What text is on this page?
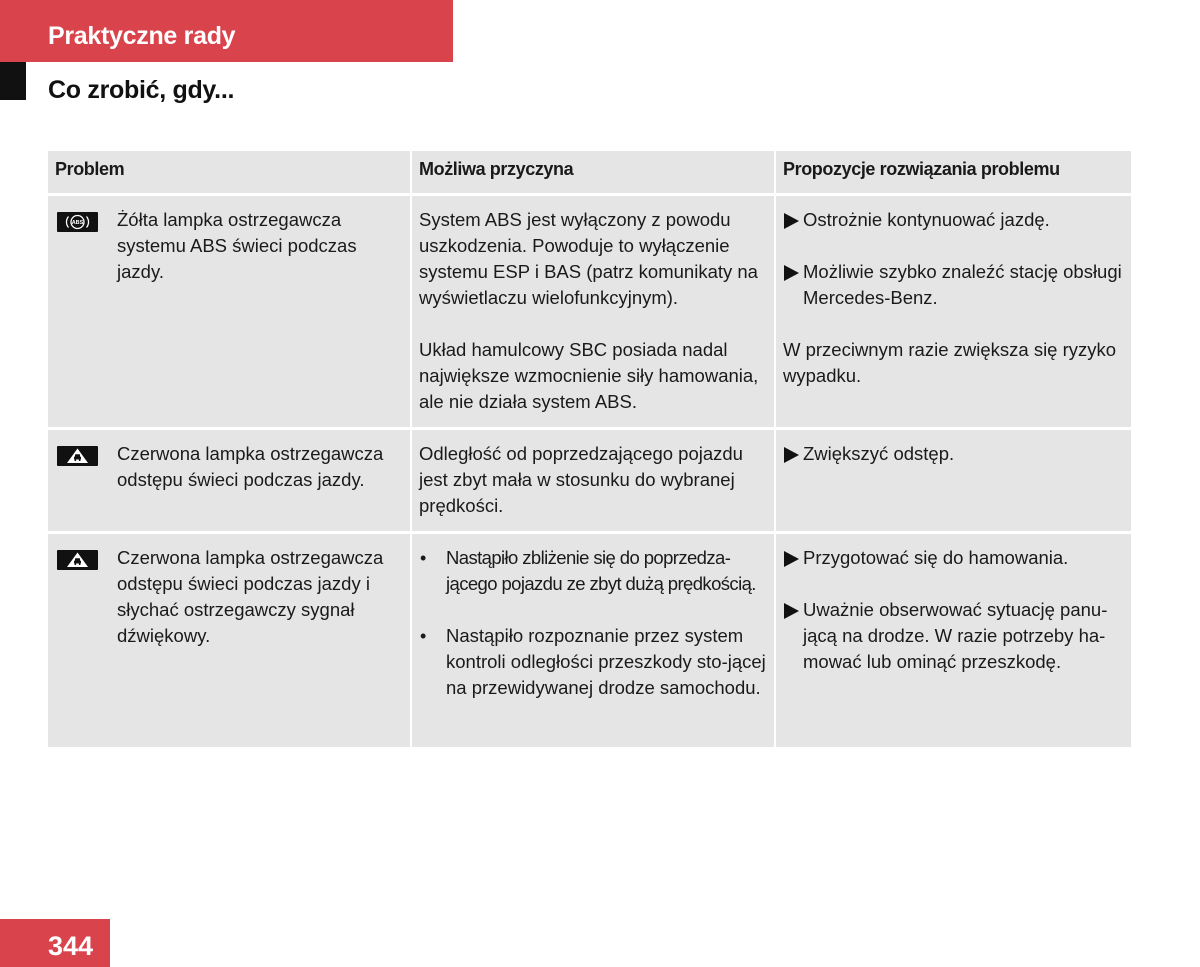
Praktyczne rady
Co zrobić, gdy...
Problem	Możliwa przyczyna	Propozycje rozwiązania problemu
ABS Żółta lampka ostrzegawcza systemu ABS świeci podczas jazdy.

System ABS jest wyłączony z powodu uszkodzenia. Powoduje to wyłączenie systemu ESP i BAS (patrz komunikaty na wyświetlaczu wielofunkcyjnym).

Układ hamulcowy SBC posiada nadal największe wzmocnienie siły hamowania, ale nie działa system ABS.

Ostrożnie kontynuować jazdę.
Możliwie szybko znaleźć stację obsługi Mercedes-Benz.

W przeciwnym razie zwiększa się ryzyko wypadku.

Czerwona lampka ostrzegawcza odstępu świeci podczas jazdy.

Odległość od poprzedzającego pojazdu jest zbyt mała w stosunku do wybranej prędkości.

Zwiększyć odstęp.
Czerwona lampka ostrzegawcza odstępu świeci podczas jazdy i słychać ostrzegawczy sygnał dźwiękowy.
• Nastąpiło zbliżenie się do poprzedza-jącego pojazdu ze zbyt dużą prędkością.
• Nastąpiło rozpoznanie przez system kontroli odległości przeszkody sto-jącej na przewidywanej drodze samochodu.
Przygotować się do hamowania.
Uważnie obserwować sytuację panu-jącą na drodze. W razie potrzeby ha-mować lub ominąć przeszkodę.

344
